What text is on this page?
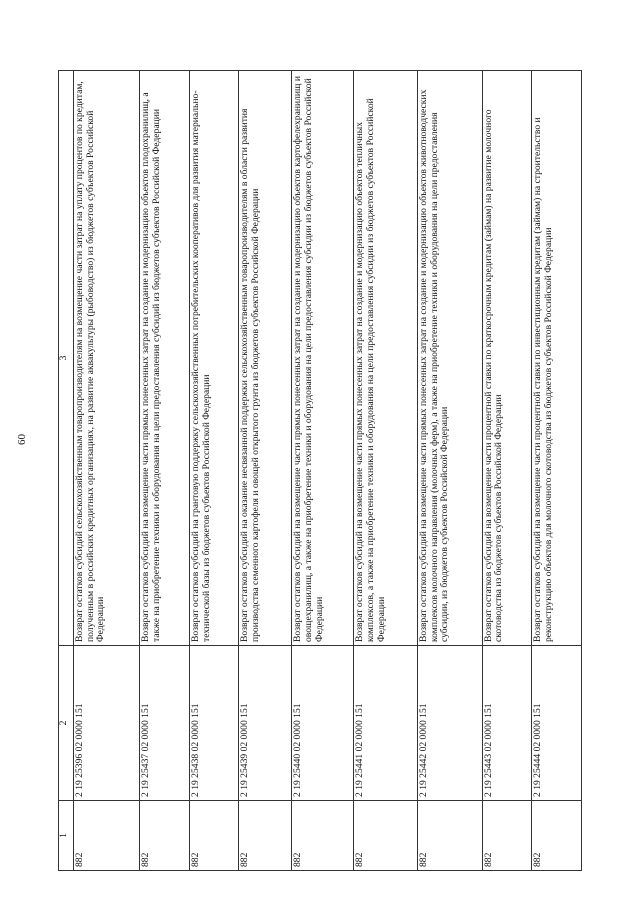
60
1	2	3
882	2 19 25396 02 0000 151	Возврат остатков субсидий сельскохозяйственным товаропроизводителям на возмещение части затрат на уплату процентов по кредитам, полученным в российских кредитных организациях, на развитие аквакультуры (рыбоводство) из бюджетов субъектов Российской Федерации
882	2 19 25437 02 0000 151	Возврат остатков субсидий на возмещение части прямых понесенных затрат на создание и модернизацию объектов плодохранилищ, а также на приобретение техники и оборудования на цели предоставления субсидий из бюджетов субъектов Российской Федерации
882	2 19 25438 02 0000 151	Возврат остатков субсидий на грантовую поддержку сельскохозяйственных потребительских кооперативов для развития материально-технической базы из бюджетов субъектов Российской Федерации
882	2 19 25439 02 0000 151	Возврат остатков субсидий на оказание несвязанной поддержки сельскохозяйственным товаропроизводителям в области развития производства семенного картофеля и овощей открытого грунта из бюджетов субъектов Российской Федерации
882	2 19 25440 02 0000 151	Возврат остатков субсидий на возмещение части прямых понесенных затрат на создание и модернизацию объектов картофелехранилищ и овощехранилищ, а также на приобретение техники и оборудования на цели предоставления субсидии из бюджетов субъектов Российской Федерации
882	2 19 25441 02 0000 151	Возврат остатков субсидий на возмещение части прямых понесенных затрат на создание и модернизацию объектов тепличных комплексов, а также на приобретение техники и оборудования на цели предоставления субсидии из бюджетов субъектов Российской Федерации
882	2 19 25442 02 0000 151	Возврат остатков субсидий на возмещение части прямых понесенных затрат на создание и модернизацию объектов животноводческих комплексов молочного направления (молочных ферм), а также на приобретение техники и оборудования на цели предоставления субсидии, из бюджетов субъектов Российской Федерации
882	2 19 25443 02 0000 151	Возврат остатков субсидий на возмещение части процентной ставки по краткосрочным кредитам (займам) на развитие молочного скотоводства из бюджетов субъектов Российской Федерации
882	2 19 25444 02 0000 151	Возврат остатков субсидий на возмещение части процентной ставки по инвестиционным кредитам (займам) на строительство и реконструкцию объектов для молочного скотоводства из бюджетов субъектов Российской Федерации
